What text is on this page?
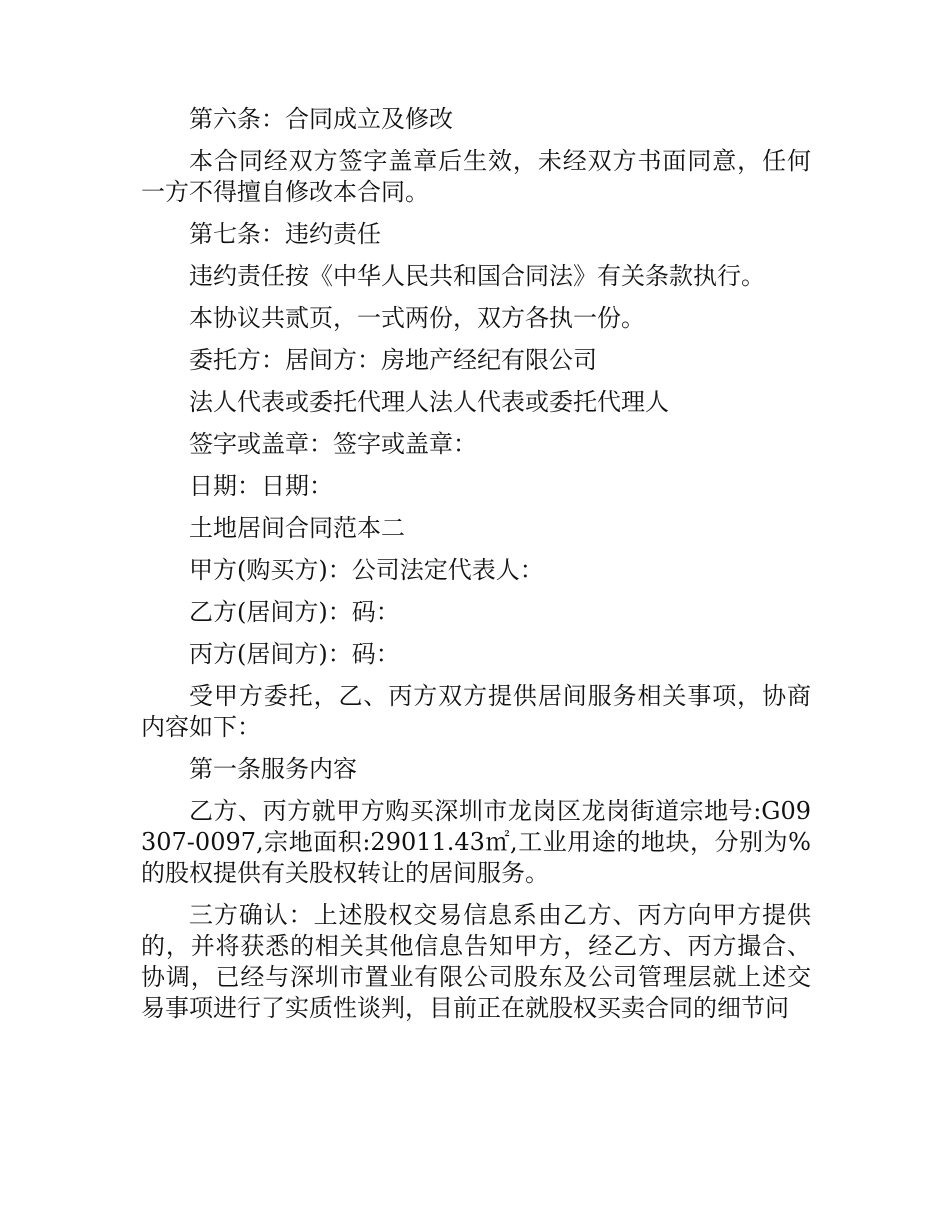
第六条：合同成立及修改

本合同经双方签字盖章后生效，未经双方书面同意，任何一方不得擅自修改本合同。

第七条：违约责任

违约责任按《中华人民共和国合同法》有关条款执行。

本协议共贰页，一式两份，双方各执一份。

委托方：居间方：房地产经纪有限公司

法人代表或委托代理人法人代表或委托代理人

签字或盖章：签字或盖章：

日期：日期：

土地居间合同范本二

甲方(购买方)：公司法定代表人：

乙方(居间方)：码：

丙方(居间方)：码：

受甲方委托，乙、丙方双方提供居间服务相关事项，协商内容如下：

第一条服务内容

乙方、丙方就甲方购买深圳市龙岗区龙岗街道宗地号:G09307-0097,宗地面积:29011.43㎡,工业用途的地块，分别为%的股权提供有关股权转让的居间服务。

三方确认：上述股权交易信息系由乙方、丙方向甲方提供的，并将获悉的相关其他信息告知甲方，经乙方、丙方撮合、协调，已经与深圳市置业有限公司股东及公司管理层就上述交易事项进行了实质性谈判，目前正在就股权买卖合同的细节问
